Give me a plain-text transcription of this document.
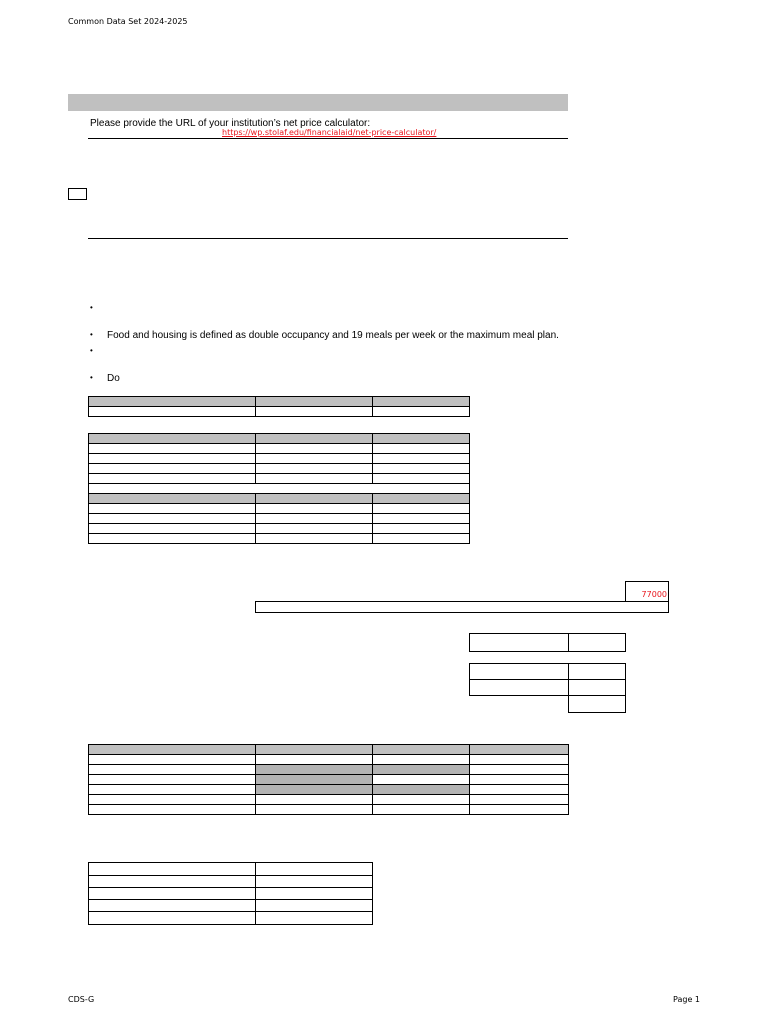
Common Data Set 2024-2025
Please provide the URL of your institution’s net price calculator:
https://wp.stolaf.edu/financialaid/net-price-calculator/
•
• Food and housing is defined as double occupancy and 19 meals per week or the maximum meal plan.
•
• Do

77000

CDS-G	Page 1
